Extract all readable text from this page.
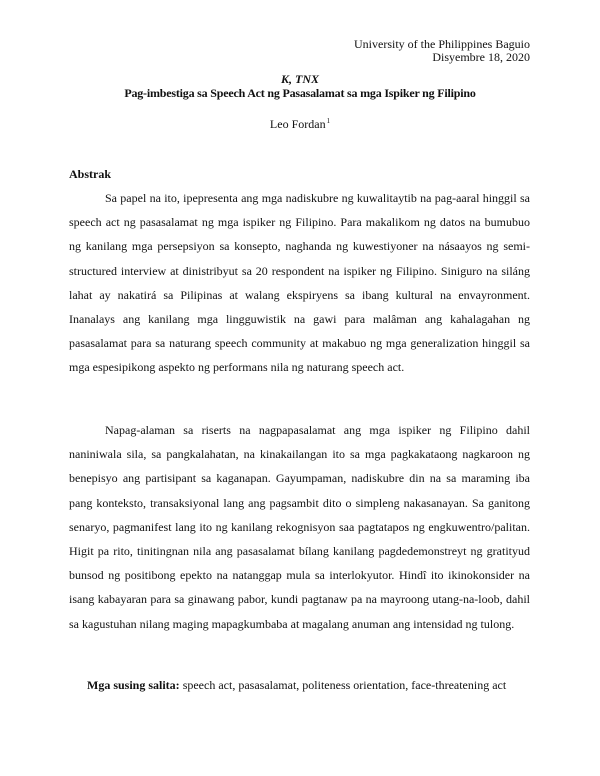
University of the Philippines Baguio
Disyembre 18, 2020
K, TNX
Pag-imbestiga sa Speech Act ng Pasasalamat sa mga Ispiker ng Filipino
Leo Fordan$^1$
Abstrak

Sa papel na ito, ipepresenta ang mga nadiskubre ng kuwalitaytib na pag-aaral hinggil sa speech act ng pasasalamat ng mga ispiker ng Filipino. Para makalikom ng datos na bumubuo ng kanilang mga persepsiyon sa konsepto, naghanda ng kuwestiyoner na násaayos ng semi-structured interview at dinistribyut sa 20 respondent na ispiker ng Filipino. Siniguro na siláng lahat ay nakatirá sa Pilipinas at walang ekspiryens sa ibang kultural na envayronment. Inanalays ang kanilang mga lingguwistik na gawi para malâman ang kahalagahan ng pasasalamat para sa naturang speech community at makabuo ng mga generalization hinggil sa mga espesipikong aspekto ng performans nila ng naturang speech act.

Napag-alaman sa riserts na nagpapasalamat ang mga ispiker ng Filipino dahil naniniwala sila, sa pangkalahatan, na kinakailangan ito sa mga pagkakataong nagkaroon ng benepisyo ang partisipant sa kaganapan. Gayumpaman, nadiskubre din na sa maraming iba pang konteksto, transaksiyonal lang ang pagsambit dito o simpleng nakasanayan. Sa ganitong senaryo, pagmanifest lang ito ng kanilang rekognisyon saa pagtatapos ng engkuwentro/palitan. Higit pa rito, tinitingnan nila ang pasasalamat bílang kanilang pagdedemonstreyt ng gratityud bunsod ng positibong epekto na natanggap mula sa interlokyutor. Hindî ito ikinokonsider na isang kabayaran para sa ginawang pabor, kundi pagtanaw pa na mayroong utang-na-loob, dahil sa kagustuhan nilang maging mapagkumbaba at magalang anuman ang intensidad ng tulong.

Mga susing salita: speech act, pasasalamat, politeness orientation, face-threatening act
